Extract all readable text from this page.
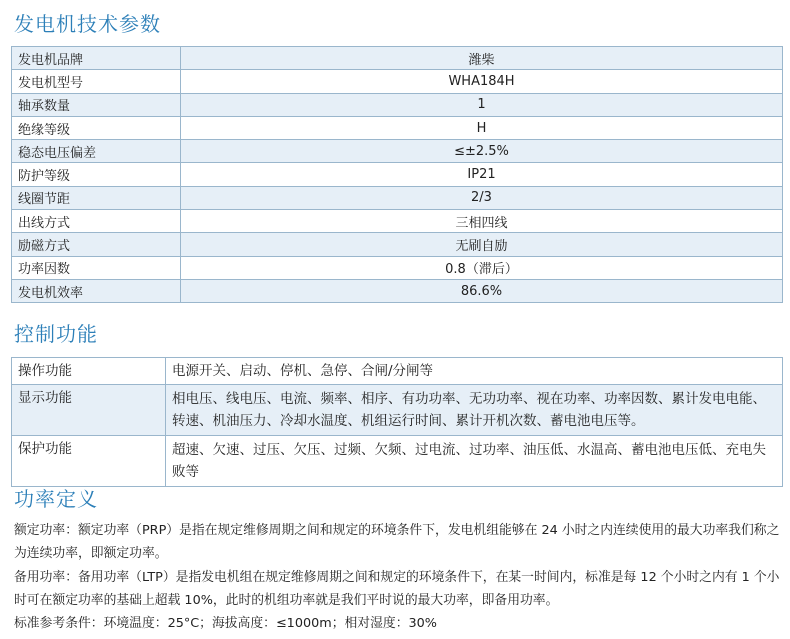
发电机技术参数
发电机品牌	潍柴
发电机型号	WHA184H
轴承数量	1
绝缘等级	H
稳态电压偏差	≤±2.5%
防护等级	IP21
线圈节距	2/3
出线方式	三相四线
励磁方式	无刷自励
功率因数	0.8（滞后）
发电机效率	86.6%
控制功能
操作功能	电源开关、启动、停机、急停、合闸/分闸等
显示功能	相电压、线电压、电流、频率、相序、有功功率、无功功率、视在功率、功率因数、累计发电电能、转速、机油压力、冷却水温度、机组运行时间、累计开机次数、蓄电池电压等。
保护功能	超速、欠速、过压、欠压、过频、欠频、过电流、过功率、油压低、水温高、蓄电池电压低、充电失败等
功率定义
额定功率：额定功率（PRP）是指在规定维修周期之间和规定的环境条件下，发电机组能够在 24 小时之内连续使用的最大功率我们称之为连续功率，即额定功率。
备用功率：备用功率（LTP）是指发电机组在规定维修周期之间和规定的环境条件下，在某一时间内，标准是每 12 个小时之内有 1 个小时可在额定功率的基础上超载 10%，此时的机组功率就是我们平时说的最大功率，即备用功率。
标准参考条件：环境温度：25°C；海拔高度：≤1000m；相对湿度：30%
